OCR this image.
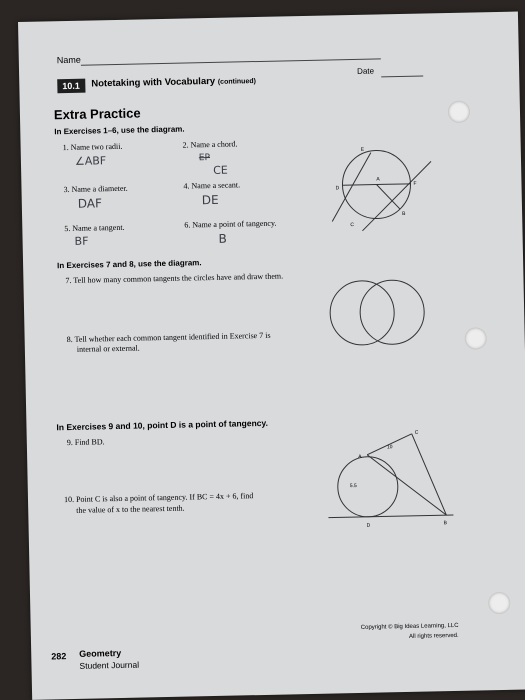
Name
Date
10.1	Notetaking with Vocabulary (continued)
Extra Practice
In Exercises 1–6, use the diagram.
1. Name two radii.
∠ABF
2. Name a chord.
EP
CE
3. Name a diameter.
DAF
4. Name a secant.
DE
5. Name a tangent.
BF
6. Name a point of tangency.
B
E
D
A
F
C
B
In Exercises 7 and 8, use the diagram.
7. Tell how many common tangents the circles have and draw them.
8. Tell whether each common tangent identified in Exercise 7 is
internal or external.
In Exercises 9 and 10, point D is a point of tangency.
9. Find BD.
10. Point C is also a point of tangency. If BC = 4x + 6, find
the value of x to the nearest tenth.
A
C
D	B
10
5.5
282 Geometry
Student Journal
Copyright © Big Ideas Learning, LLC
All rights reserved.
